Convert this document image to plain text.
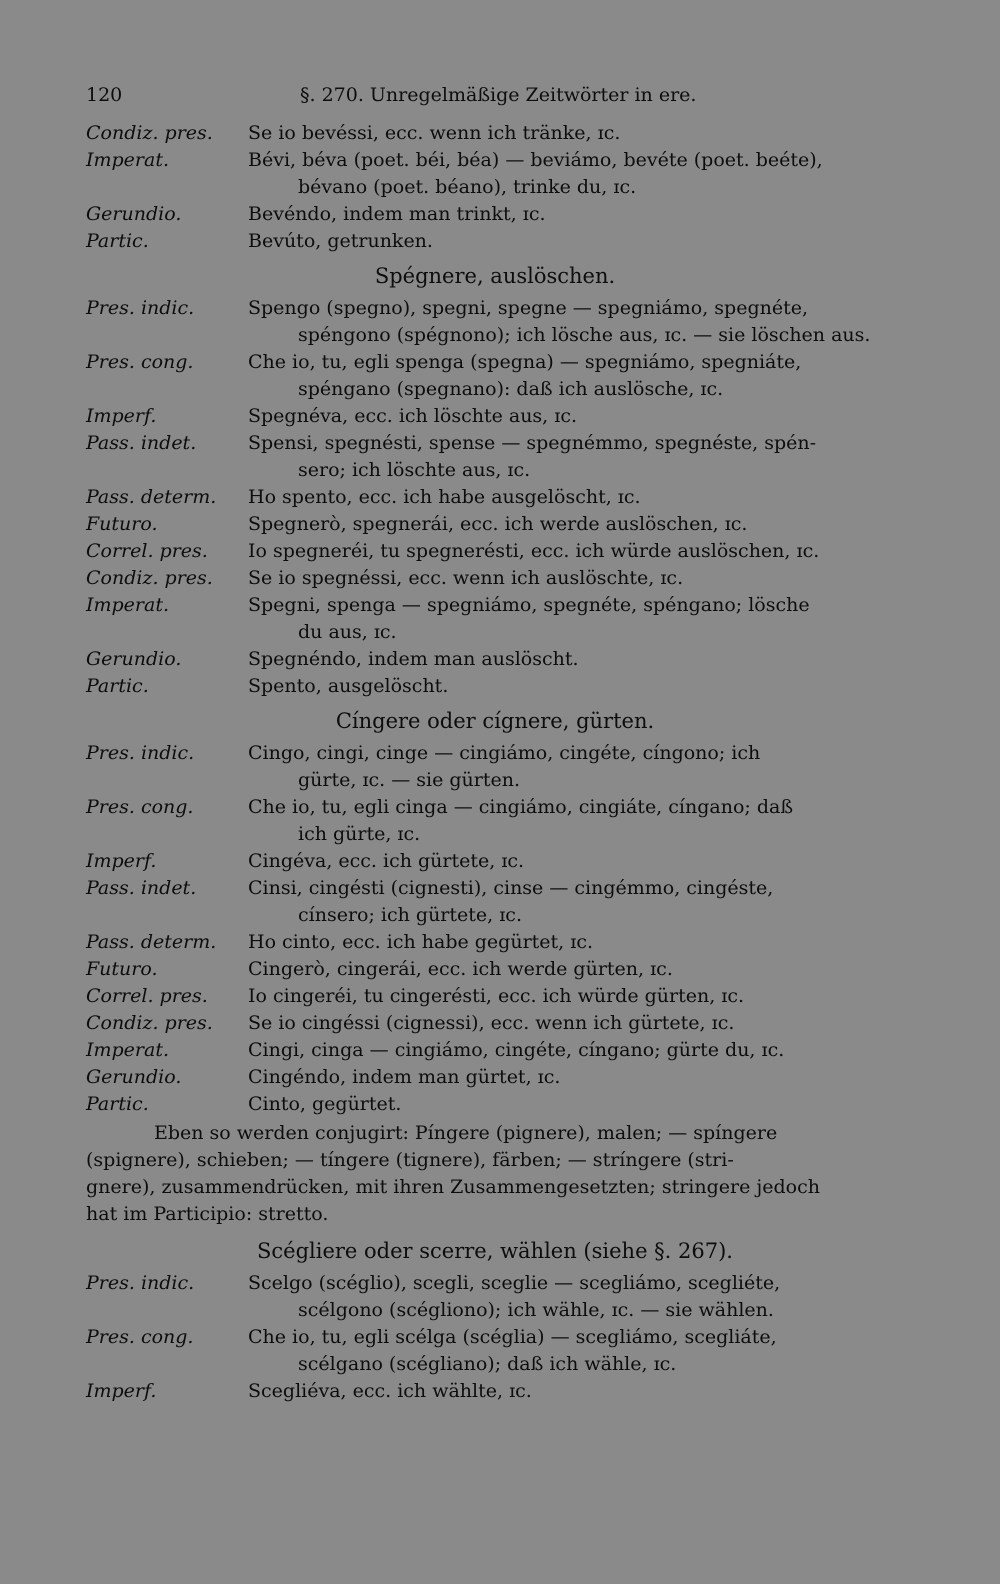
120	§. 270. Unregelmäßige Zeitwörter in ere.
Condiz. pres.	Se io bevéssi, ecc. wenn ich tränke, ɪc.
Imperat.	Bévi, béva (poet. béi, béa) — beviámo, bevéte (poet. beéte),
bévano (poet. béano), trinke du, ɪc.
Gerundio.	Bevéndo, indem man trinkt, ɪc.
Partic.	Bevúto, getrunken.
Spégnere, auslöschen.
Pres. indic.	Spengo (spegno), spegni, spegne — spegniámo, spegnéte,
spéngono (spégnono); ich lösche aus, ɪc. — sie löschen aus.
Pres. cong.	Che io, tu, egli spenga (spegna) — spegniámo, spegniáte,
spéngano (spegnano): daß ich auslösche, ɪc.
Imperf.	Spegnéva, ecc. ich löschte aus, ɪc.
Pass. indet.	Spensi, spegnésti, spense — spegnémmo, spegnéste, spén-
sero; ich löschte aus, ɪc.
Pass. determ.	Ho spento, ecc. ich habe ausgelöscht, ɪc.
Futuro.	Spegnerò, spegnerái, ecc. ich werde auslöschen, ɪc.
Correl. pres.	Io spegneréi, tu spegnerésti, ecc. ich würde auslöschen, ɪc.
Condiz. pres.	Se io spegnéssi, ecc. wenn ich auslöschte, ɪc.
Imperat.	Spegni, spenga — spegniámo, spegnéte, spéngano; lösche
du aus, ɪc.
Gerundio.	Spegnéndo, indem man auslöscht.
Partic.	Spento, ausgelöscht.
Cíngere oder cígnere, gürten.
Pres. indic.	Cingo, cingi, cinge — cingiámo, cingéte, cíngono; ich
gürte, ɪc. — sie gürten.
Pres. cong.	Che io, tu, egli cinga — cingiámo, cingiáte, cíngano; daß
ich gürte, ɪc.
Imperf.	Cingéva, ecc. ich gürtete, ɪc.
Pass. indet.	Cinsi, cingésti (cignesti), cinse — cingémmo, cingéste,
cínsero; ich gürtete, ɪc.
Pass. determ.	Ho cinto, ecc. ich habe gegürtet, ɪc.
Futuro.	Cingerò, cingerái, ecc. ich werde gürten, ɪc.
Correl. pres.	Io cingeréi, tu cingerésti, ecc. ich würde gürten, ɪc.
Condiz. pres.	Se io cingéssi (cignessi), ecc. wenn ich gürtete, ɪc.
Imperat.	Cingi, cinga — cingiámo, cingéte, cíngano; gürte du, ɪc.
Gerundio.	Cingéndo, indem man gürtet, ɪc.
Partic.	Cinto, gegürtet.
Eben so werden conjugirt: Píngere (pignere), malen; — spíngere
(spignere), schieben; — tíngere (tignere), färben; — stríngere (stri-
gnere), zusammendrücken, mit ihren Zusammengesetzten; stringere jedoch
hat im Participio: stretto.
Scégliere oder scerre, wählen (siehe §. 267).
Pres. indic.	Scelgo (scéglio), scegli, sceglie — scegliámo, scegliéte,
scélgono (scégliono); ich wähle, ɪc. — sie wählen.
Pres. cong.	Che io, tu, egli scélga (scéglia) — scegliámo, scegliáte,
scélgano (scégliano); daß ich wähle, ɪc.
Imperf.	Scegliéva, ecc. ich wählte, ɪc.
